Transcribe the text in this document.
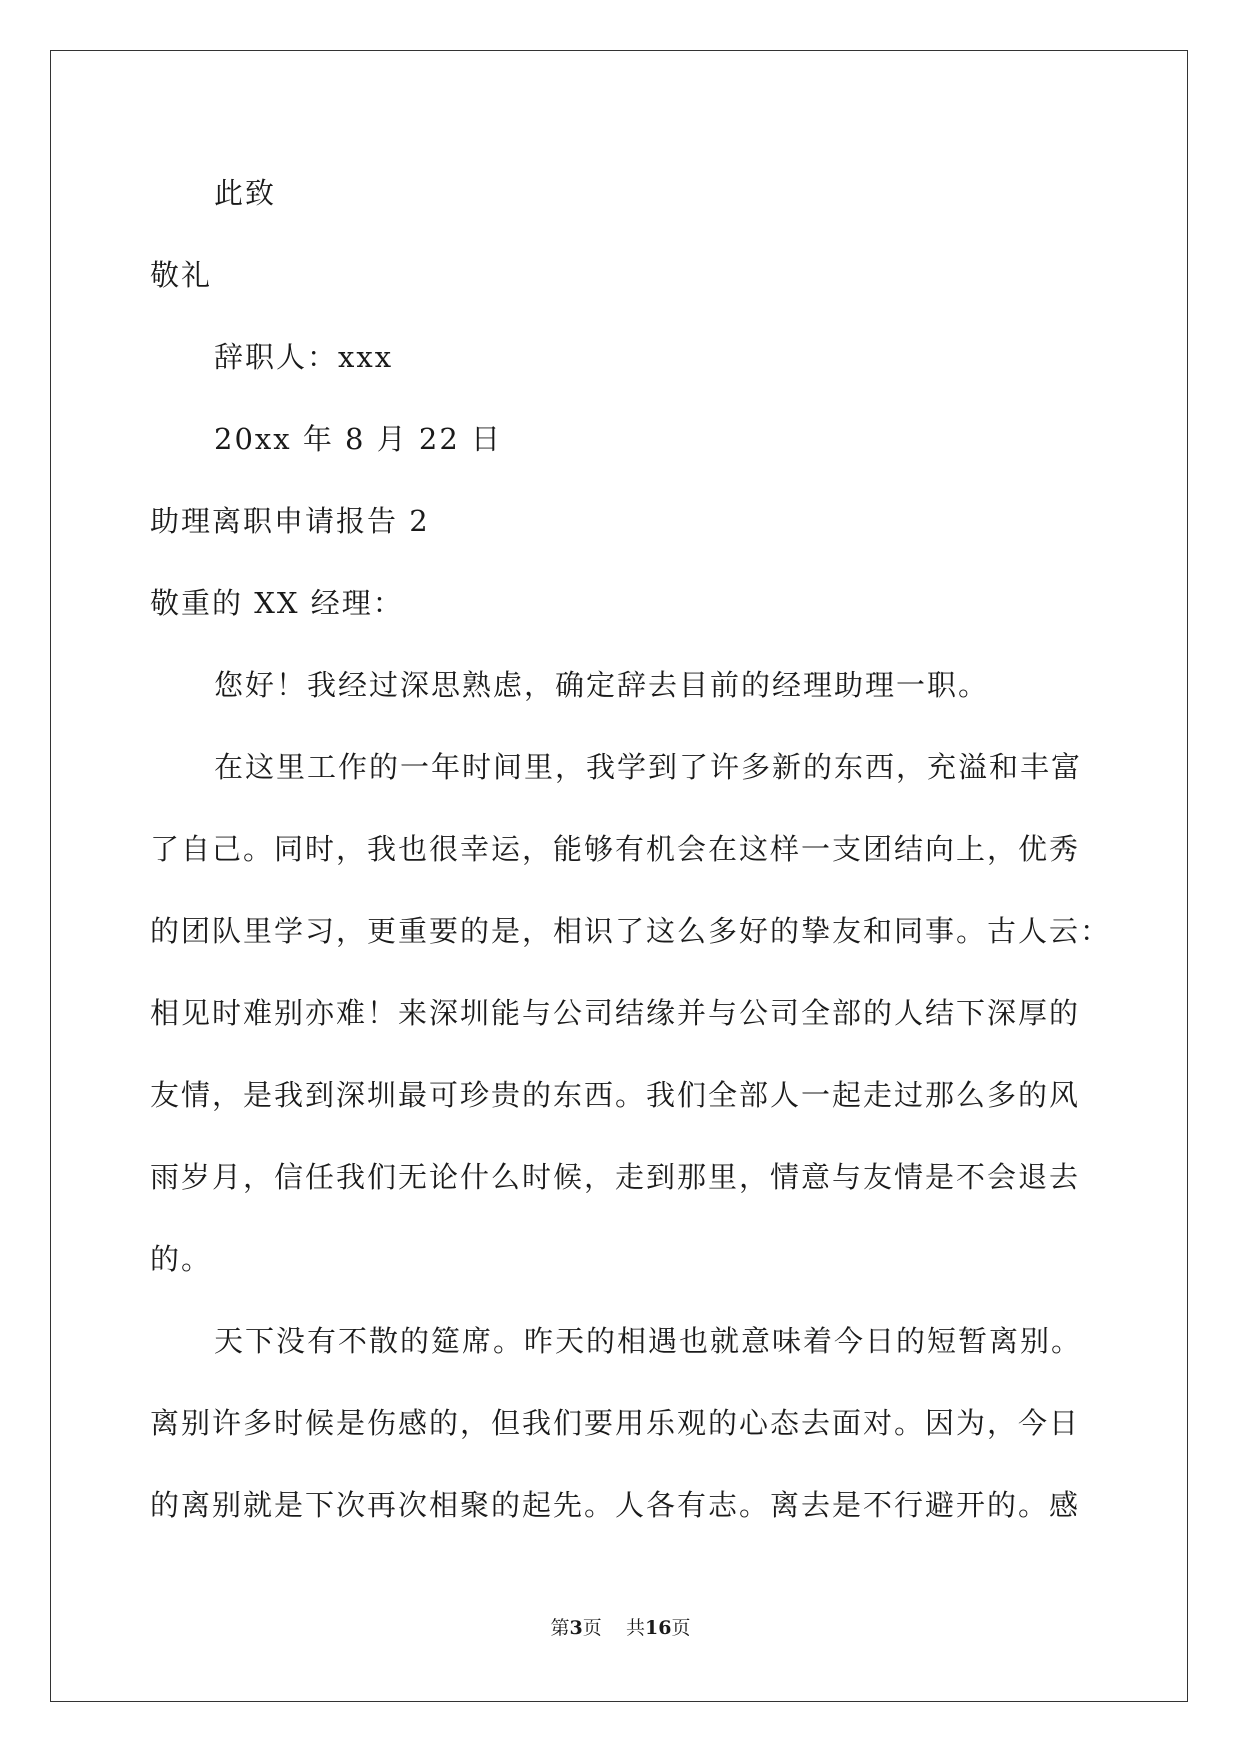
此致
敬礼
辞职人：xxx
20xx 年 8 月 22 日
助理离职申请报告 2
敬重的 XX 经理：
您好！我经过深思熟虑，确定辞去目前的经理助理一职。
在这里工作的一年时间里，我学到了许多新的东西，充溢和丰富
了自己。同时，我也很幸运，能够有机会在这样一支团结向上，优秀
的团队里学习，更重要的是，相识了这么多好的挚友和同事。古人云：
相见时难别亦难！来深圳能与公司结缘并与公司全部的人结下深厚的
友情，是我到深圳最可珍贵的东西。我们全部人一起走过那么多的风
雨岁月，信任我们无论什么时候，走到那里，情意与友情是不会退去
的。
天下没有不散的筵席。昨天的相遇也就意味着今日的短暂离别。
离别许多时候是伤感的，但我们要用乐观的心态去面对。因为，今日
的离别就是下次再次相聚的起先。人各有志。离去是不行避开的。感
第3页 共16页
